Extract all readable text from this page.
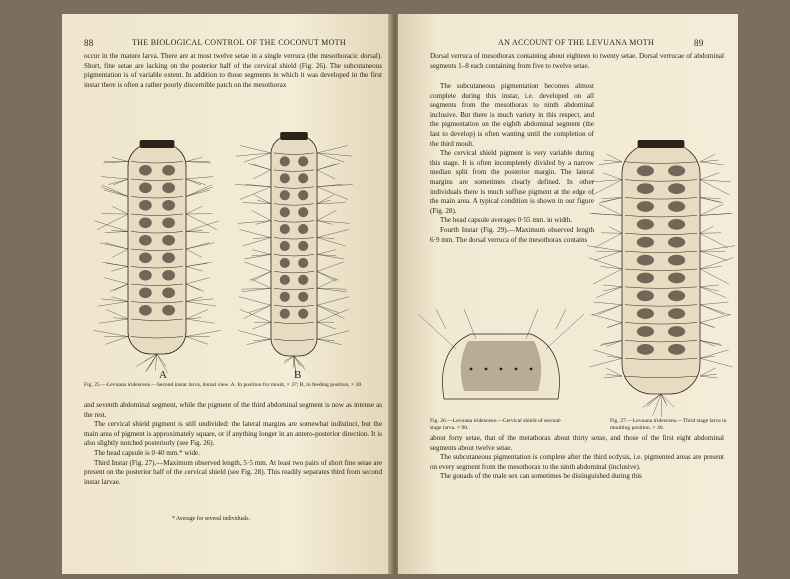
88	THE BIOLOGICAL CONTROL OF THE COCONUT MOTH
occur in the mature larva. There are at most twelve setae in a single verruca (the mesothoracic dorsal). Short, fine setae are lacking on the posterior half of the cervical shield (Fig. 26). The subcutaneous pigmentation is of variable extent. In addition to those segments in which it was developed in the first instar there is often a rather poorly discernible patch on the mesothorax
A	B
Fig. 25.—Levuana iridescens.—Second instar larva, dorsal view. A. In position for moult, × 37; B, in feeding position, × 30.

and seventh abdominal segment, while the pigment of the third abdominal segment is now as intense as the rest.

The cervical shield pigment is still undivided: the lateral margins are somewhat indistinct, but the main area of pigment is approximately square, or if anything longer in an antero-posterior direction. It is also slightly notched posteriorly (see Fig. 26).

The head capsule is 0·40 mm.* wide.

Third Instar (Fig. 27).—Maximum observed length, 5·5 mm. At least two pairs of short fine setae are present on the posterior half of the cervical shield (see Fig. 28). This readily separates third from second instar larvae.

* Average for several individuals.
AN ACCOUNT OF THE LEVUANA MOTH	89
Dorsal verruca of mesothorax containing about eighteen to twenty setae. Dorsal verrucae of abdominal segments 1–8 each containing from five to twelve setae.

The subcutaneous pigmentation becomes almost complete during this instar, i.e. developed on all segments from the mesothorax to ninth abdominal inclusive. But there is much variety in this respect, and the pigmentation on the eighth abdominal segment (the last to develop) is often wanting until the completion of the third moult.

The cervical shield pigment is very variable during this stage. It is often incompletely divided by a narrow median split from the posterior margin. The lateral margins are sometimes clearly defined. In other individuals there is much suffuse pigment at the edge of the main area. A typical condition is shown in our figure (Fig. 28).

The head capsule averages 0·55 mm. in width.

Fourth Instar (Fig. 29).—Maximum observed length 6·9 mm. The dorsal verruca of the mesothorax contains

Fig. 26.—Levuana iridescens.—Cervical shield of second-stage larva. × 90.
Fig. 27.—Levuana iridescens.—Third stage larva in moulting position. × 40.

about forty setae, that of the metathorax about thirty setae, and those of the first eight abdominal segments about twelve setae.

The subcutaneous pigmentation is complete after the third ecdysis, i.e. pigmented areas are present on every segment from the mesothorax to the ninth abdominal (inclusive).

The gonads of the male sex can sometimes be distinguished during this
